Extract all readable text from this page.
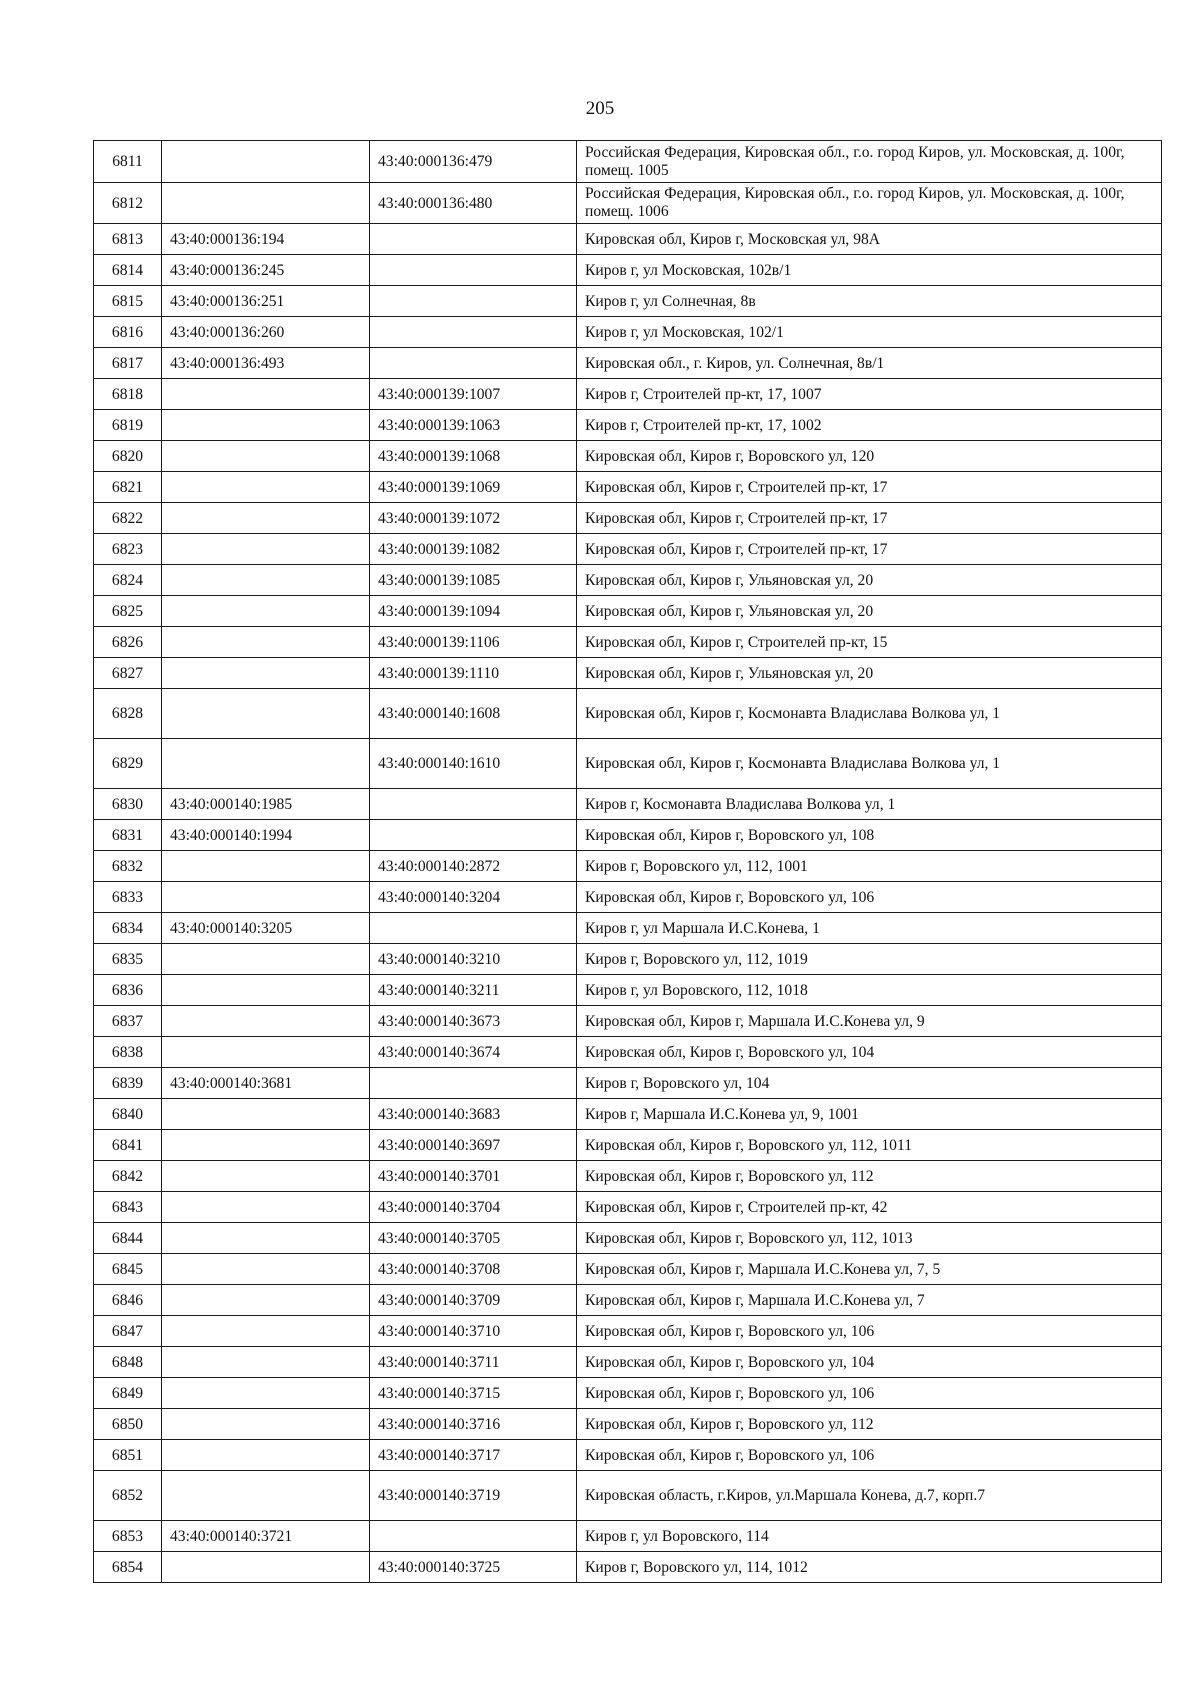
205
6811		43:40:000136:479	Российская Федерация, Кировская обл., г.о. город Киров, ул. Московская, д. 100г, помещ. 1005
6812		43:40:000136:480	Российская Федерация, Кировская обл., г.о. город Киров, ул. Московская, д. 100г, помещ. 1006
6813	43:40:000136:194		Кировская обл, Киров г, Московская ул, 98А
6814	43:40:000136:245		Киров г, ул Московская, 102в/1
6815	43:40:000136:251		Киров г, ул Солнечная, 8в
6816	43:40:000136:260		Киров г, ул Московская, 102/1
6817	43:40:000136:493		Кировская обл., г. Киров, ул. Солнечная, 8в/1
6818		43:40:000139:1007	Киров г, Строителей пр-кт, 17, 1007
6819		43:40:000139:1063	Киров г, Строителей пр-кт, 17, 1002
6820		43:40:000139:1068	Кировская обл, Киров г, Воровского ул, 120
6821		43:40:000139:1069	Кировская обл, Киров г, Строителей пр-кт, 17
6822		43:40:000139:1072	Кировская обл, Киров г, Строителей пр-кт, 17
6823		43:40:000139:1082	Кировская обл, Киров г, Строителей пр-кт, 17
6824		43:40:000139:1085	Кировская обл, Киров г, Ульяновская ул, 20
6825		43:40:000139:1094	Кировская обл, Киров г, Ульяновская ул, 20
6826		43:40:000139:1106	Кировская обл, Киров г, Строителей пр-кт, 15
6827		43:40:000139:1110	Кировская обл, Киров г, Ульяновская ул, 20
6828		43:40:000140:1608	Кировская обл, Киров г, Космонавта Владислава Волкова ул, 1
6829		43:40:000140:1610	Кировская обл, Киров г, Космонавта Владислава Волкова ул, 1
6830	43:40:000140:1985		Киров г, Космонавта Владислава Волкова ул, 1
6831	43:40:000140:1994		Кировская обл, Киров г, Воровского ул, 108
6832		43:40:000140:2872	Киров г, Воровского ул, 112, 1001
6833		43:40:000140:3204	Кировская обл, Киров г, Воровского ул, 106
6834	43:40:000140:3205		Киров г, ул Маршала И.С.Конева, 1
6835		43:40:000140:3210	Киров г, Воровского ул, 112, 1019
6836		43:40:000140:3211	Киров г, ул Воровского, 112, 1018
6837		43:40:000140:3673	Кировская обл, Киров г, Маршала И.С.Конева ул, 9
6838		43:40:000140:3674	Кировская обл, Киров г, Воровского ул, 104
6839	43:40:000140:3681		Киров г, Воровского ул, 104
6840		43:40:000140:3683	Киров г, Маршала И.С.Конева ул, 9, 1001
6841		43:40:000140:3697	Кировская обл, Киров г, Воровского ул, 112, 1011
6842		43:40:000140:3701	Кировская обл, Киров г, Воровского ул, 112
6843		43:40:000140:3704	Кировская обл, Киров г, Строителей пр-кт, 42
6844		43:40:000140:3705	Кировская обл, Киров г, Воровского ул, 112, 1013
6845		43:40:000140:3708	Кировская обл, Киров г, Маршала И.С.Конева ул, 7, 5
6846		43:40:000140:3709	Кировская обл, Киров г, Маршала И.С.Конева ул, 7
6847		43:40:000140:3710	Кировская обл, Киров г, Воровского ул, 106
6848		43:40:000140:3711	Кировская обл, Киров г, Воровского ул, 104
6849		43:40:000140:3715	Кировская обл, Киров г, Воровского ул, 106
6850		43:40:000140:3716	Кировская обл, Киров г, Воровского ул, 112
6851		43:40:000140:3717	Кировская обл, Киров г, Воровского ул, 106
6852		43:40:000140:3719	Кировская область, г.Киров, ул.Маршала Конева, д.7, корп.7
6853	43:40:000140:3721		Киров г, ул Воровского, 114
6854		43:40:000140:3725	Киров г, Воровского ул, 114, 1012
